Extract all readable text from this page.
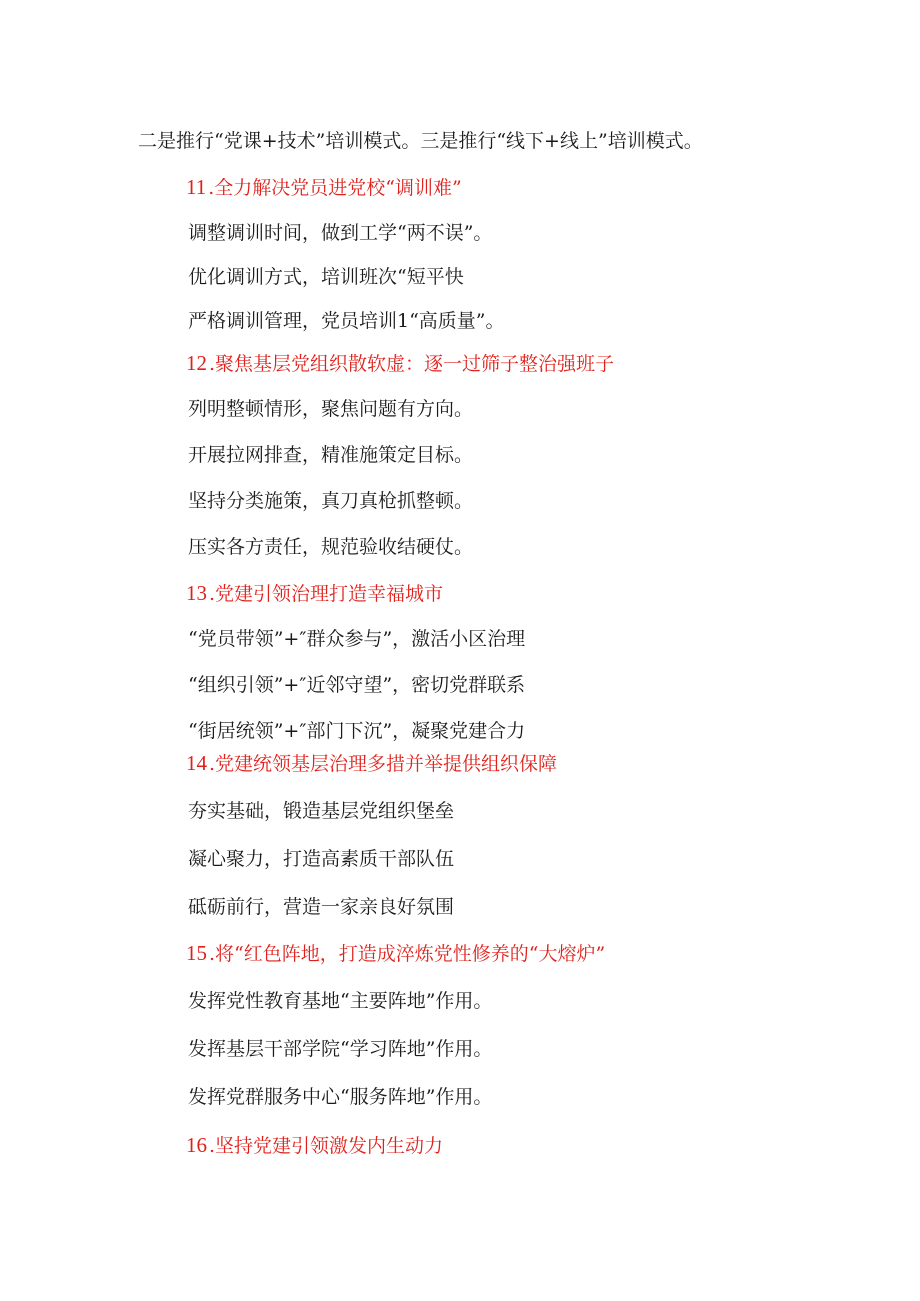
二是推行“党课+技术”培训模式。三是推行“线下+线上”培训模式。
11 .全力解决党员进党校“调训难”
调整调训时间，做到工学“两不误”。
优化调训方式，培训班次“短平快
严格调训管理，党员培训1“高质量”。
12 .聚焦基层党组织散软虚：逐一过筛子整治强班子
列明整顿情形，聚焦问题有方向。
开展拉网排查，精准施策定目标。
坚持分类施策，真刀真枪抓整顿。
压实各方责任，规范验收结硬仗。
13 .党建引领治理打造幸福城市
“党员带领”+″群众参与”，激活小区治理
“组织引领”+″近邻守望”，密切党群联系
“街居统领”+″部门下沉”，凝聚党建合力
14 .党建统领基层治理多措并举提供组织保障
夯实基础，锻造基层党组织堡垒
凝心聚力，打造高素质干部队伍
砥砺前行，营造一家亲良好氛围
15 .将“红色阵地，打造成淬炼党性修养的“大熔炉”
发挥党性教育基地“主要阵地”作用。
发挥基层干部学院“学习阵地”作用。
发挥党群服务中心“服务阵地”作用。
16 .坚持党建引领激发内生动力
